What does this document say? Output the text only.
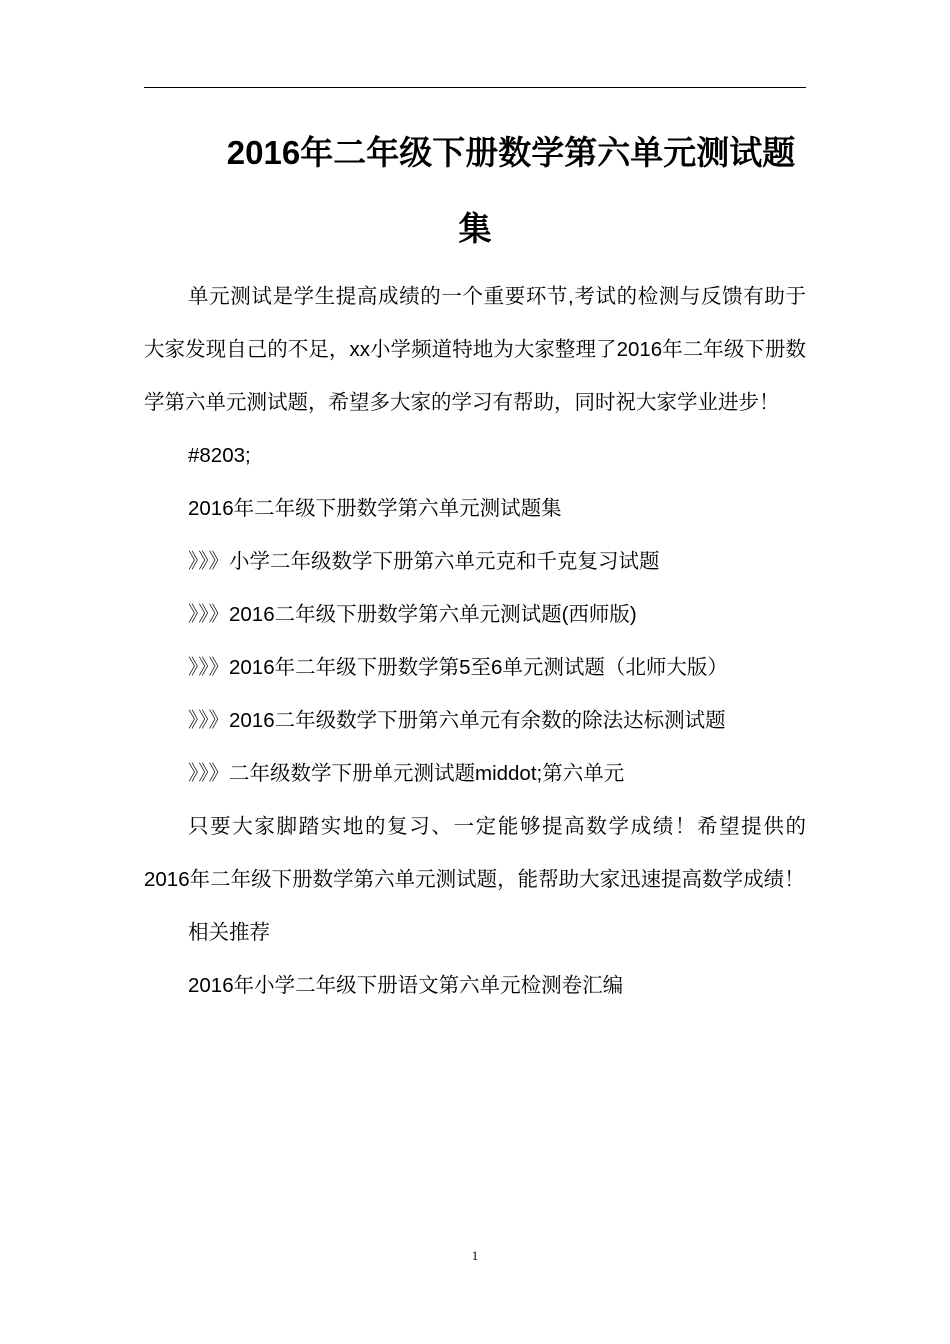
2016年二年级下册数学第六单元测试题
集

单元测试是学生提高成绩的一个重要环节,考试的检测与反馈有助于大家发现自己的不足，xx小学频道特地为大家整理了2016年二年级下册数学第六单元测试题，希望多大家的学习有帮助，同时祝大家学业进步！

#8203;

2016年二年级下册数学第六单元测试题集

》》》小学二年级数学下册第六单元克和千克复习试题

》》》2016二年级下册数学第六单元测试题(西师版)

》》》2016年二年级下册数学第5至6单元测试题（北师大版）

》》》2016二年级数学下册第六单元有余数的除法达标测试题

》》》二年级数学下册单元测试题middot;第六单元

只要大家脚踏实地的复习、一定能够提高数学成绩！希望提供的2016年二年级下册数学第六单元测试题，能帮助大家迅速提高数学成绩！

相关推荐

2016年小学二年级下册语文第六单元检测卷汇编

1
